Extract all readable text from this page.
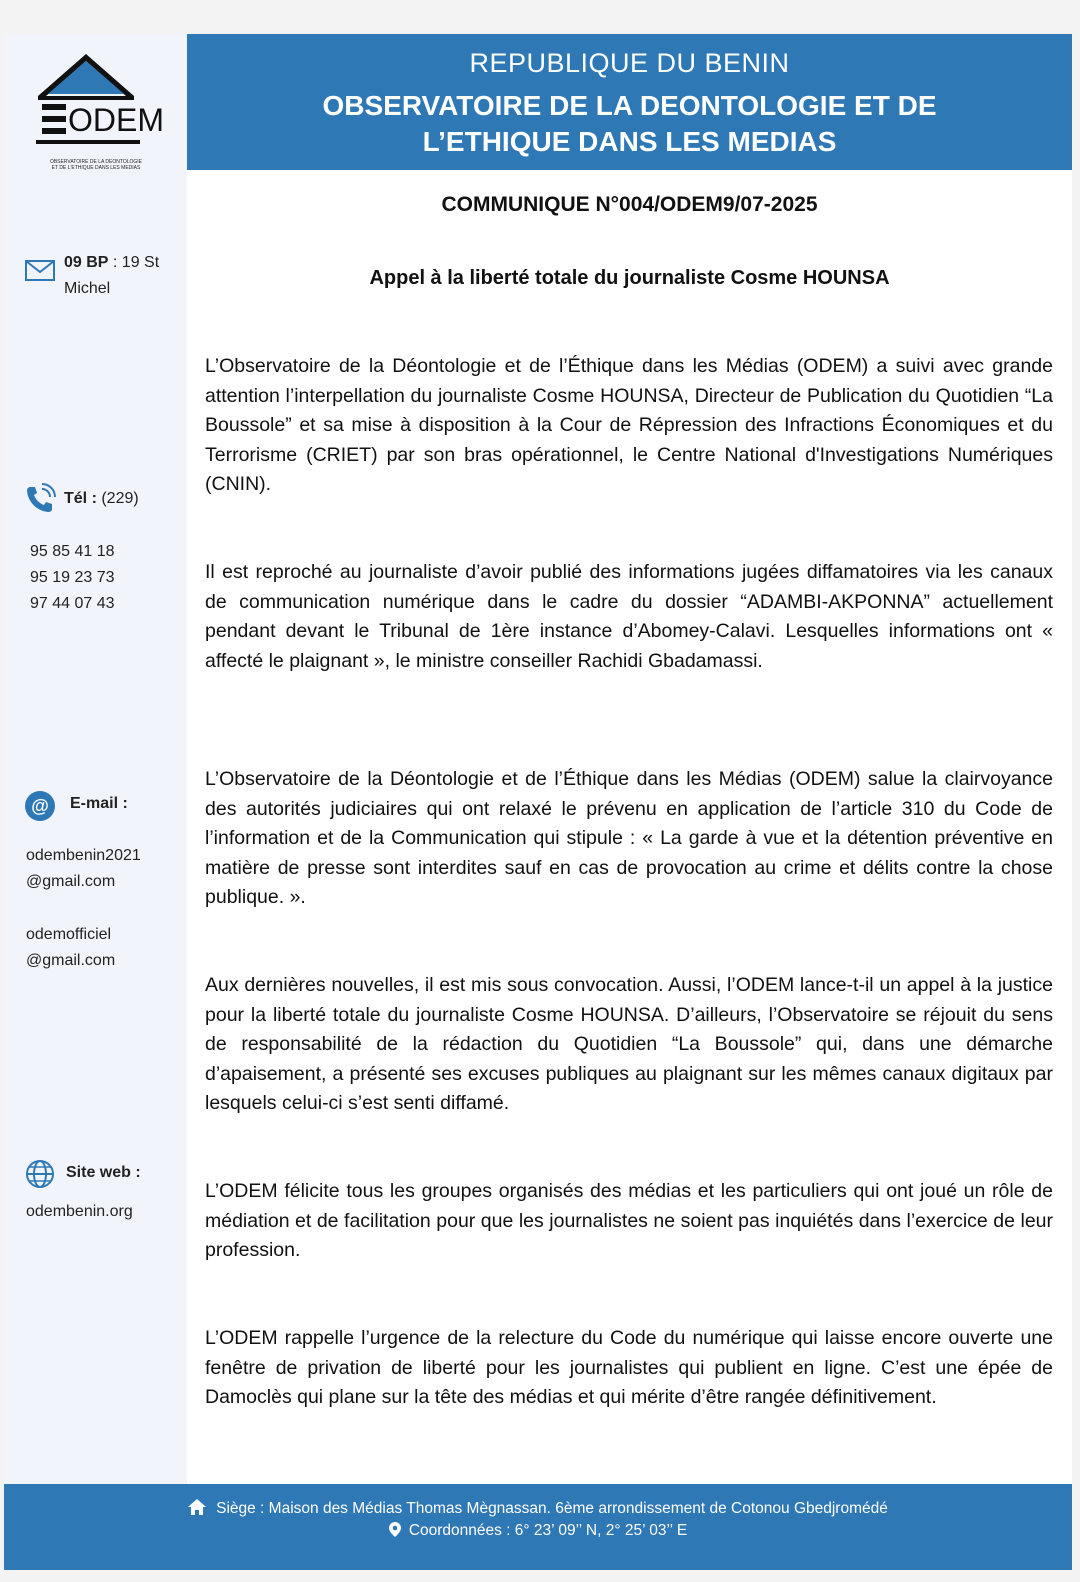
ODEM
OBSERVATOIRE DE LA DEONTOLOGIE
ET DE L'ETHIQUE DANS LES MEDIAS
09 BP : 19 St
Michel
Tél : (229)
95 85 41 18
95 19 23 73
97 44 07 43
@ E-mail :
odembenin2021
@gmail.com
odemofficiel
@gmail.com
Site web :
odembenin.org
REPUBLIQUE DU BENIN
OBSERVATOIRE DE LA DEONTOLOGIE ET DE
L’ETHIQUE DANS LES MEDIAS
COMMUNIQUE N°004/ODEM9/07-2025
Appel à la liberté totale du journaliste Cosme HOUNSA
L’Observatoire de la Déontologie et de l’Éthique dans les Médias (ODEM) a suivi avec grande attention l’interpellation du journaliste Cosme HOUNSA, Directeur de Publication du Quotidien “La Boussole” et sa mise à disposition à la Cour de Répression des Infractions Économiques et du Terrorisme (CRIET) par son bras opérationnel, le Centre National d'Investigations Numériques (CNIN).
Il est reproché au journaliste d’avoir publié des informations jugées diffamatoires via les canaux de communication numérique dans le cadre du dossier “ADAMBI-AKPONNA” actuellement pendant devant le Tribunal de 1ère instance d’Abomey-Calavi. Lesquelles informations ont « affecté le plaignant », le ministre conseiller Rachidi Gbadamassi.
L’Observatoire de la Déontologie et de l’Éthique dans les Médias (ODEM) salue la clairvoyance des autorités judiciaires qui ont relaxé le prévenu en application de l’article 310 du Code de l’information et de la Communication qui stipule : « La garde à vue et la détention préventive en matière de presse sont interdites sauf en cas de provocation au crime et délits contre la chose publique. ».
Aux dernières nouvelles, il est mis sous convocation. Aussi, l’ODEM lance-t-il un appel à la justice pour la liberté totale du journaliste Cosme HOUNSA. D’ailleurs, l’Observatoire se réjouit du sens de responsabilité de la rédaction du Quotidien “La Boussole” qui, dans une démarche d’apaisement, a présenté ses excuses publiques au plaignant sur les mêmes canaux digitaux par lesquels celui-ci s’est senti diffamé.
L’ODEM félicite tous les groupes organisés des médias et les particuliers qui ont joué un rôle de médiation et de facilitation pour que les journalistes ne soient pas inquiétés dans l’exercice de leur profession.
L’ODEM rappelle l’urgence de la relecture du Code du numérique qui laisse encore ouverte une fenêtre de privation de liberté pour les journalistes qui publient en ligne. C’est une épée de Damoclès qui plane sur la tête des médias et qui mérite d’être rangée définitivement.
Siège : Maison des Médias Thomas Mègnassan. 6ème arrondissement de Cotonou Gbedjromédé
Coordonnées : 6° 23’ 09’’ N, 2° 25’ 03’’ E
